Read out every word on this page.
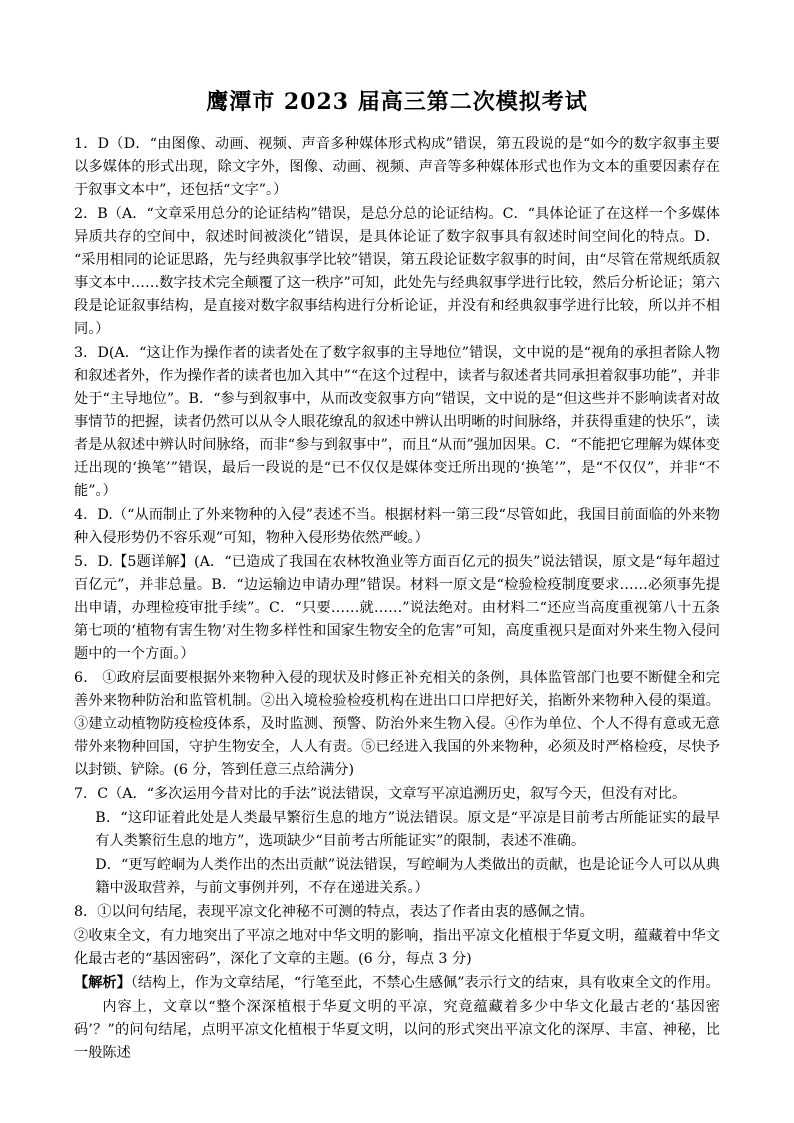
鹰潭市 2023 届高三第二次模拟考试

1．D（D．“由图像、动画、视频、声音多种媒体形式构成”错误，第五段说的是“如今的数字叙事主要以多媒体的形式出现，除文字外，图像、动画、视频、声音等多种媒体形式也作为文本的重要因素存在于叙事文本中”，还包括“文字”。）

2．B（A．“文章采用总分的论证结构”错误，是总分总的论证结构。C．“具体论证了在这样一个多媒体异质共存的空间中，叙述时间被淡化”错误，是具体论证了数字叙事具有叙述时间空间化的特点。D．“采用相同的论证思路，先与经典叙事学比较”错误，第五段论证数字叙事的时间，由“尽管在常规纸质叙事文本中……数字技术完全颠覆了这一秩序”可知，此处先与经典叙事学进行比较，然后分析论证；第六段是论证叙事结构，是直接对数字叙事结构进行分析论证，并没有和经典叙事学进行比较，所以并不相同。）

3．D(A．“这让作为操作者的读者处在了数字叙事的主导地位”错误，文中说的是“视角的承担者除人物和叙述者外，作为操作者的读者也加入其中”“在这个过程中，读者与叙述者共同承担着叙事功能”，并非处于“主导地位”。B．“参与到叙事中，从而改变叙事方向”错误，文中说的是“但这些并不影响读者对故事情节的把握，读者仍然可以从令人眼花缭乱的叙述中辨认出明晰的时间脉络，并获得重建的快乐”，读者是从叙述中辨认时间脉络，而非“参与到叙事中”，而且“从而”强加因果。C．“不能把它理解为媒体变迁出现的‘换笔’”错误，最后一段说的是“已不仅仅是媒体变迁所出现的‘换笔’”，是“不仅仅”，并非“不能”。）

4．D.（“从而制止了外来物种的入侵”表述不当。根据材料一第三段“尽管如此，我国目前面临的外来物种入侵形势仍不容乐观”可知，物种入侵形势依然严峻。）

5．D.【5题详解】(A．“已造成了我国在农林牧渔业等方面百亿元的损失”说法错误，原文是“每年超过百亿元”，并非总量。B．“边运输边申请办理”错误。材料一原文是“检验检疫制度要求……必须事先提出申请，办理检疫审批手续”。C．“只要……就……”说法绝对。由材料二“还应当高度重视第八十五条第七项的‘植物有害生物’对生物多样性和国家生物安全的危害”可知，高度重视只是面对外来生物入侵问题中的一个方面。）

6． ①政府层面要根据外来物种入侵的现状及时修正补充相关的条例，具体监管部门也要不断健全和完善外来物种防治和监管机制。②出入境检验检疫机构在进出口口岸把好关，掐断外来物种入侵的渠道。③建立动植物防疫检疫体系，及时监测、预警、防治外来生物入侵。④作为单位、个人不得有意或无意带外来物种回国，守护生物安全，人人有责。⑤已经进入我国的外来物种，必须及时严格检疫，尽快予以封锁、铲除。(6 分，答到任意三点给满分)

7．C（A．“多次运用今昔对比的手法”说法错误，文章写平凉追溯历史，叙写今天，但没有对比。

B．“这印证着此处是人类最早繁衍生息的地方”说法错误。原文是“平凉是目前考古所能证实的最早有人类繁衍生息的地方”，选项缺少“目前考古所能证实”的限制，表述不准确。

D．“更写崆峒为人类作出的杰出贡献”说法错误，写崆峒为人类做出的贡献，也是论证今人可以从典籍中汲取营养，与前文事例并列，不存在递进关系。）

8．①以问句结尾，表现平凉文化神秘不可测的特点，表达了作者由衷的感佩之情。

②收束全文，有力地突出了平凉之地对中华文明的影响，指出平凉文化植根于华夏文明，蕴藏着中华文化最古老的“基因密码”，深化了文章的主题。(6 分，每点 3 分)

【解析】（结构上，作为文章结尾，“行笔至此，不禁心生感佩”表示行文的结束，具有收束全文的作用。

内容上，文章以“整个深深植根于华夏文明的平凉，究竟蕴藏着多少中华文化最古老的‘基因密码’？”的问句结尾，点明平凉文化植根于华夏文明，以问的形式突出平凉文化的深厚、丰富、神秘，比一般陈述
